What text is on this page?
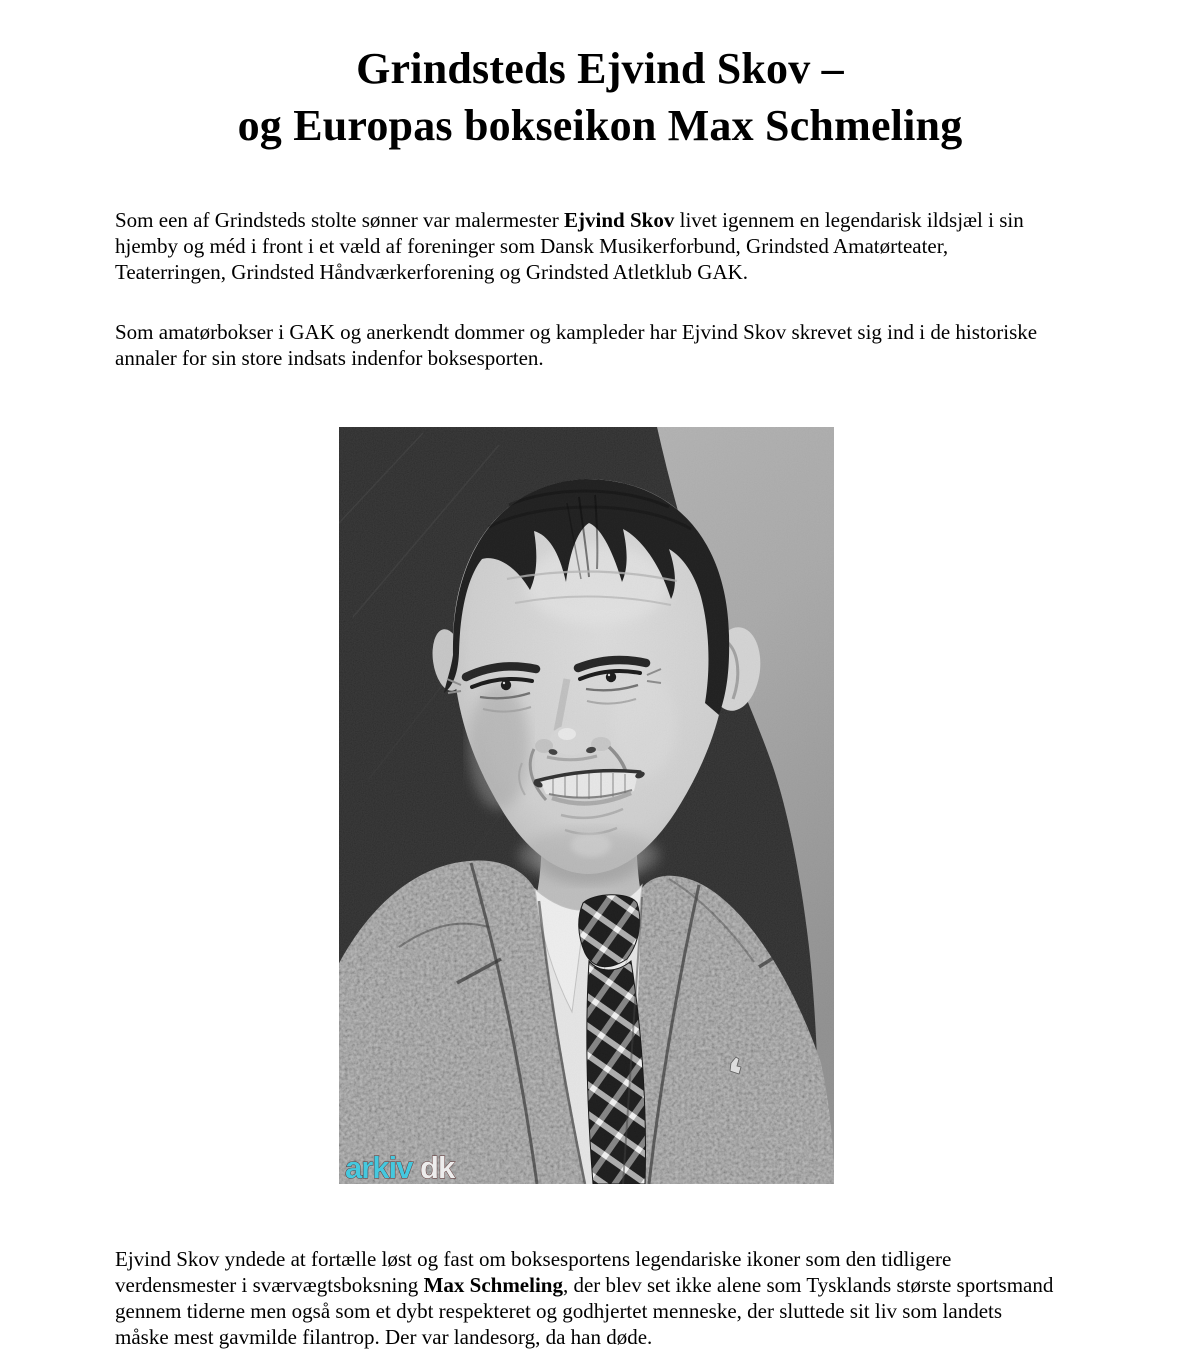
Grindsteds Ejvind Skov –
og Europas bokseikon Max Schmeling

Som een af Grindsteds stolte sønner var malermester Ejvind Skov livet igennem en legendarisk ildsjæl i sin hjemby og méd i front i et væld af foreninger som Dansk Musikerforbund, Grindsted Amatørteater, Teaterringen, Grindsted Håndværkerforening og Grindsted Atletklub GAK.

Som amatørbokser i GAK og anerkendt dommer og kampleder har Ejvind Skov skrevet sig ind i de historiske annaler for sin store indsats indenfor boksesporten.

arkiv dk

Ejvind Skov yndede at fortælle løst og fast om boksesportens legendariske ikoner som den tidligere verdensmester i sværvægtsboksning Max Schmeling, der blev set ikke alene som Tysklands største sportsmand gennem tiderne men også som et dybt respekteret og godhjertet menneske, der sluttede sit liv som landets måske mest gavmilde filantrop. Der var landesorg, da han døde.
